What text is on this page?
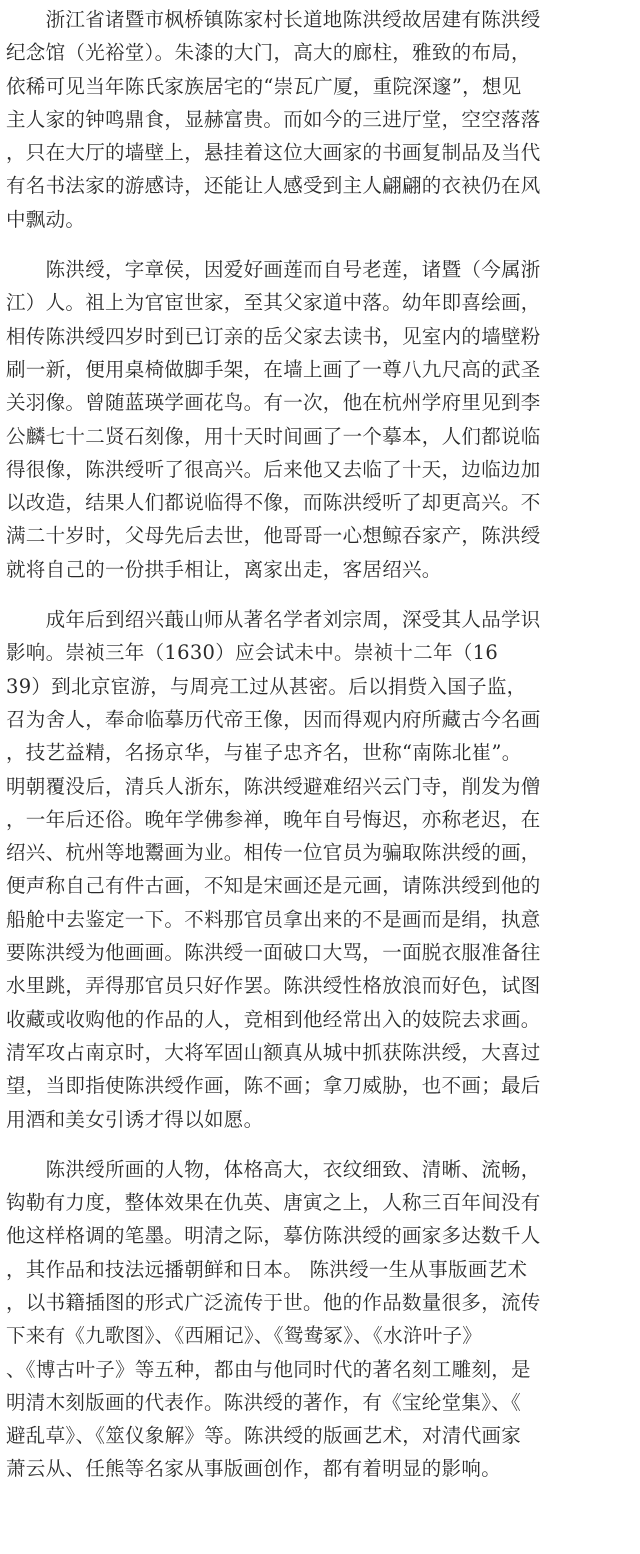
　　浙江省诸暨市枫桥镇陈家村长道地陈洪绶故居建有陈洪绶
纪念馆（光裕堂）。朱漆的大门，高大的廊柱，雅致的布局，
依稀可见当年陈氏家族居宅的“崇瓦广厦，重院深邃”，想见
主人家的钟鸣鼎食，显赫富贵。而如今的三进厅堂，空空落落
，只在大厅的墙壁上，悬挂着这位大画家的书画复制品及当代
有名书法家的游感诗，还能让人感受到主人翩翩的衣袂仍在风
中飘动。
　　陈洪绶，字章侯，因爱好画莲而自号老莲，诸暨（今属浙
江）人。祖上为官宦世家，至其父家道中落。幼年即喜绘画，
相传陈洪绶四岁时到已订亲的岳父家去读书，见室内的墙壁粉
刷一新，便用桌椅做脚手架，在墙上画了一尊八九尺高的武圣
关羽像。曾随蓝瑛学画花鸟。有一次，他在杭州学府里见到李
公麟七十二贤石刻像，用十天时间画了一个摹本，人们都说临
得很像，陈洪绶听了很高兴。后来他又去临了十天，边临边加
以改造，结果人们都说临得不像，而陈洪绶听了却更高兴。不
满二十岁时，父母先后去世，他哥哥一心想鲸吞家产，陈洪绶
就将自己的一份拱手相让，离家出走，客居绍兴。
　　成年后到绍兴蕺山师从著名学者刘宗周，深受其人品学识
影响。崇祯三年（1630）应会试未中。崇祯十二年（16
39）到北京宦游，与周亮工过从甚密。后以捐赀入国子监，
召为舍人，奉命临摹历代帝王像，因而得观内府所藏古今名画
，技艺益精，名扬京华，与崔子忠齐名，世称“南陈北崔”。
明朝覆没后，清兵人浙东，陈洪绶避难绍兴云门寺，削发为僧
，一年后还俗。晚年学佛参禅，晚年自号悔迟，亦称老迟，在
绍兴、杭州等地鬻画为业。相传一位官员为骗取陈洪绶的画，
便声称自己有件古画，不知是宋画还是元画，请陈洪绶到他的
船舱中去鉴定一下。不料那官员拿出来的不是画而是绢，执意
要陈洪绶为他画画。陈洪绶一面破口大骂，一面脱衣服准备往
水里跳，弄得那官员只好作罢。陈洪绶性格放浪而好色，试图
收藏或收购他的作品的人，竞相到他经常出入的妓院去求画。
清军攻占南京时，大将军固山额真从城中抓获陈洪绶，大喜过
望，当即指使陈洪绶作画，陈不画；拿刀威胁，也不画；最后
用酒和美女引诱才得以如愿。
　　陈洪绶所画的人物，体格高大，衣纹细致、清晰、流畅，
钩勒有力度，整体效果在仇英、唐寅之上，人称三百年间没有
他这样格调的笔墨。明清之际，摹仿陈洪绶的画家多达数千人
，其作品和技法远播朝鲜和日本。 陈洪绶一生从事版画艺术
，以书籍插图的形式广泛流传于世。他的作品数量很多，流传
下来有《九歌图》、《西厢记》、《鸳鸯冢》、《水浒叶子》
、《博古叶子》等五种，都由与他同时代的著名刻工雕刻，是
明清木刻版画的代表作。陈洪绶的著作，有《宝纶堂集》、《
避乱草》、《筮仪象解》等。陈洪绶的版画艺术，对清代画家
萧云从、任熊等名家从事版画创作，都有着明显的影响。
